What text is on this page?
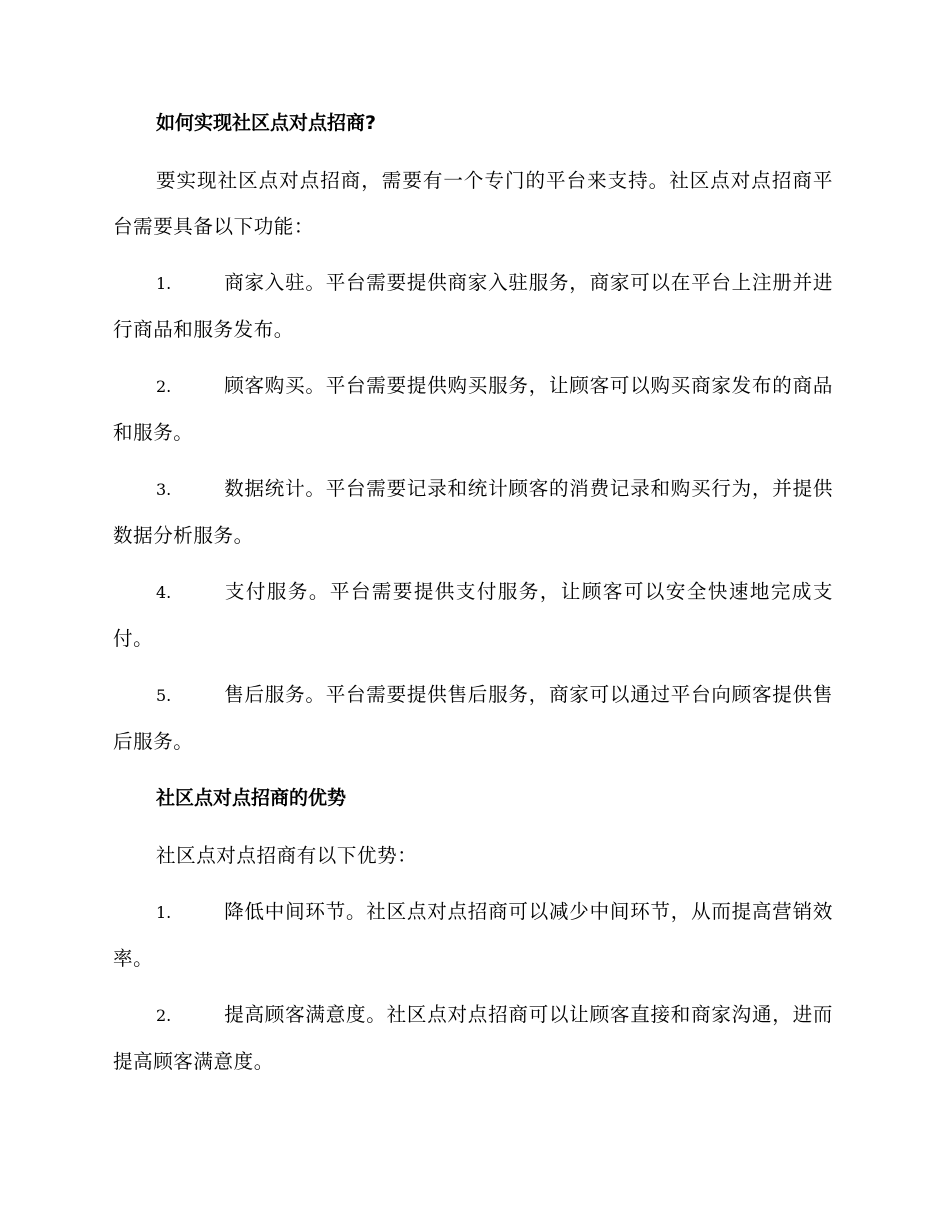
如何实现社区点对点招商?

要实现社区点对点招商，需要有一个专门的平台来支持。社区点对点招商平台需要具备以下功能：

1.	商家入驻。平台需要提供商家入驻服务，商家可以在平台上注册并进行商品和服务发布。

2.	顾客购买。平台需要提供购买服务，让顾客可以购买商家发布的商品和服务。

3.	数据统计。平台需要记录和统计顾客的消费记录和购买行为，并提供数据分析服务。

4.	支付服务。平台需要提供支付服务，让顾客可以安全快速地完成支付。

5.	售后服务。平台需要提供售后服务，商家可以通过平台向顾客提供售后服务。

社区点对点招商的优势

社区点对点招商有以下优势：

1.	降低中间环节。社区点对点招商可以减少中间环节，从而提高营销效率。

2.	提高顾客满意度。社区点对点招商可以让顾客直接和商家沟通，进而提高顾客满意度。
